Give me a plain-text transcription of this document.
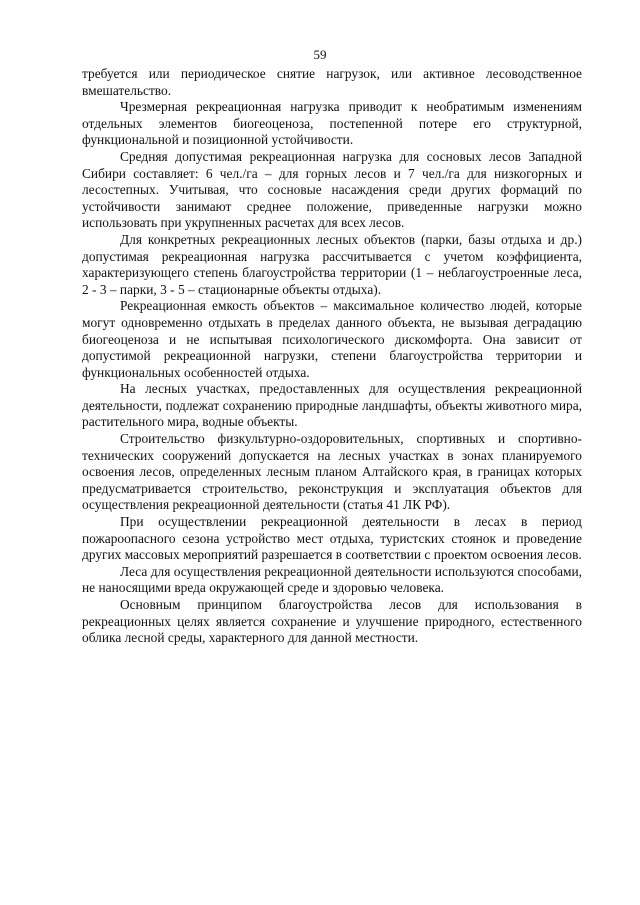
59

требуется или периодическое снятие нагрузок, или активное лесоводственное вмешательство.

Чрезмерная рекреационная нагрузка приводит к необратимым изменениям отдельных элементов биогеоценоза, постепенной потере его структурной, функциональной и позиционной устойчивости.

Средняя допустимая рекреационная нагрузка для сосновых лесов Западной Сибири составляет: 6 чел./га – для горных лесов и 7 чел./га для низкогорных и лесостепных. Учитывая, что сосновые насаждения среди других формаций по устойчивости занимают среднее положение, приведенные нагрузки можно использовать при укрупненных расчетах для всех лесов.

Для конкретных рекреационных лесных объектов (парки, базы отдыха и др.) допустимая рекреационная нагрузка рассчитывается с учетом коэффициента, характеризующего степень благоустройства территории (1 – неблагоустроенные леса, 2 - 3 – парки, 3 - 5 – стационарные объекты отдыха).

Рекреационная емкость объектов – максимальное количество людей, которые могут одновременно отдыхать в пределах данного объекта, не вызывая деградацию биогеоценоза и не испытывая психологического дискомфорта. Она зависит от допустимой рекреационной нагрузки, степени благоустройства территории и функциональных особенностей отдыха.

На лесных участках, предоставленных для осуществления рекреационной деятельности, подлежат сохранению природные ландшафты, объекты животного мира, растительного мира, водные объекты.

Строительство физкультурно-оздоровительных, спортивных и спортивно-технических сооружений допускается на лесных участках в зонах планируемого освоения лесов, определенных лесным планом Алтайского края, в границах которых предусматривается строительство, реконструкция и эксплуатация объектов для осуществления рекреационной деятельности (статья 41 ЛК РФ).

При осуществлении рекреационной деятельности в лесах в период пожароопасного сезона устройство мест отдыха, туристских стоянок и проведение других массовых мероприятий разрешается в соответствии с проектом освоения лесов.

Леса для осуществления рекреационной деятельности используются способами, не наносящими вреда окружающей среде и здоровью человека.

Основным принципом благоустройства лесов для использования в рекреационных целях является сохранение и улучшение природного, естественного облика лесной среды, характерного для данной местности.
